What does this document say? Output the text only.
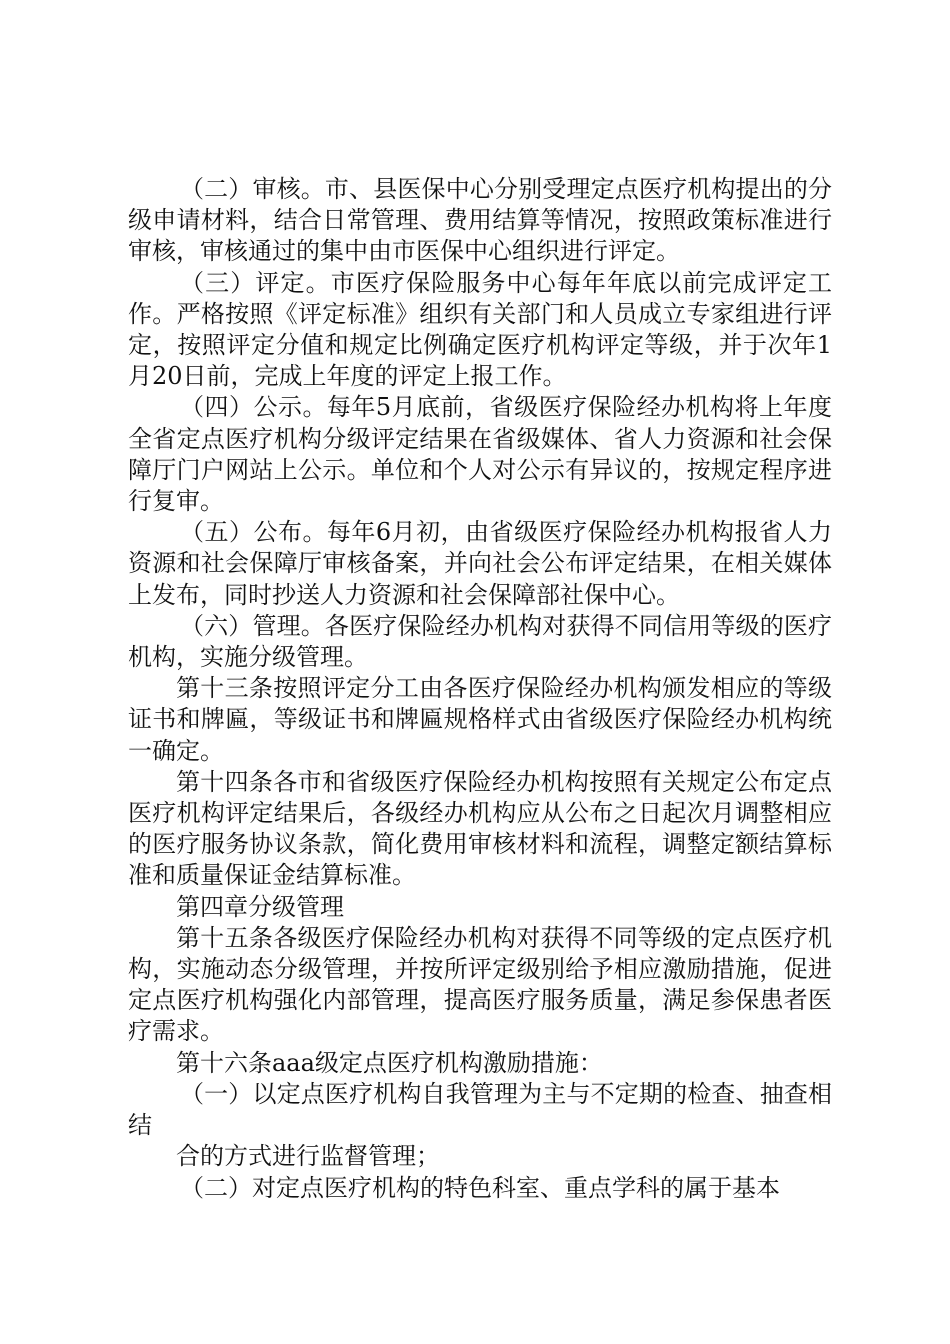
（二）审核。市、县医保中心分别受理定点医疗机构提出的分级申请材料，结合日常管理、费用结算等情况，按照政策标准进行审核，审核通过的集中由市医保中心组织进行评定。

（三）评定。市医疗保险服务中心每年年底以前完成评定工作。严格按照《评定标准》组织有关部门和人员成立专家组进行评定，按照评定分值和规定比例确定医疗机构评定等级，并于次年1月20日前，完成上年度的评定上报工作。

（四）公示。每年5月底前，省级医疗保险经办机构将上年度全省定点医疗机构分级评定结果在省级媒体、省人力资源和社会保障厅门户网站上公示。单位和个人对公示有异议的，按规定程序进行复审。

（五）公布。每年6月初，由省级医疗保险经办机构报省人力资源和社会保障厅审核备案，并向社会公布评定结果，在相关媒体上发布，同时抄送人力资源和社会保障部社保中心。

（六）管理。各医疗保险经办机构对获得不同信用等级的医疗机构，实施分级管理。

第十三条按照评定分工由各医疗保险经办机构颁发相应的等级证书和牌匾，等级证书和牌匾规格样式由省级医疗保险经办机构统一确定。

第十四条各市和省级医疗保险经办机构按照有关规定公布定点医疗机构评定结果后，各级经办机构应从公布之日起次月调整相应的医疗服务协议条款，简化费用审核材料和流程，调整定额结算标准和质量保证金结算标准。

第四章分级管理

第十五条各级医疗保险经办机构对获得不同等级的定点医疗机构，实施动态分级管理，并按所评定级别给予相应激励措施，促进定点医疗机构强化内部管理，提高医疗服务质量，满足参保患者医疗需求。

第十六条aaa级定点医疗机构激励措施：

（一）以定点医疗机构自我管理为主与不定期的检查、抽查相结

合的方式进行监督管理；

（二）对定点医疗机构的特色科室、重点学科的属于基本
